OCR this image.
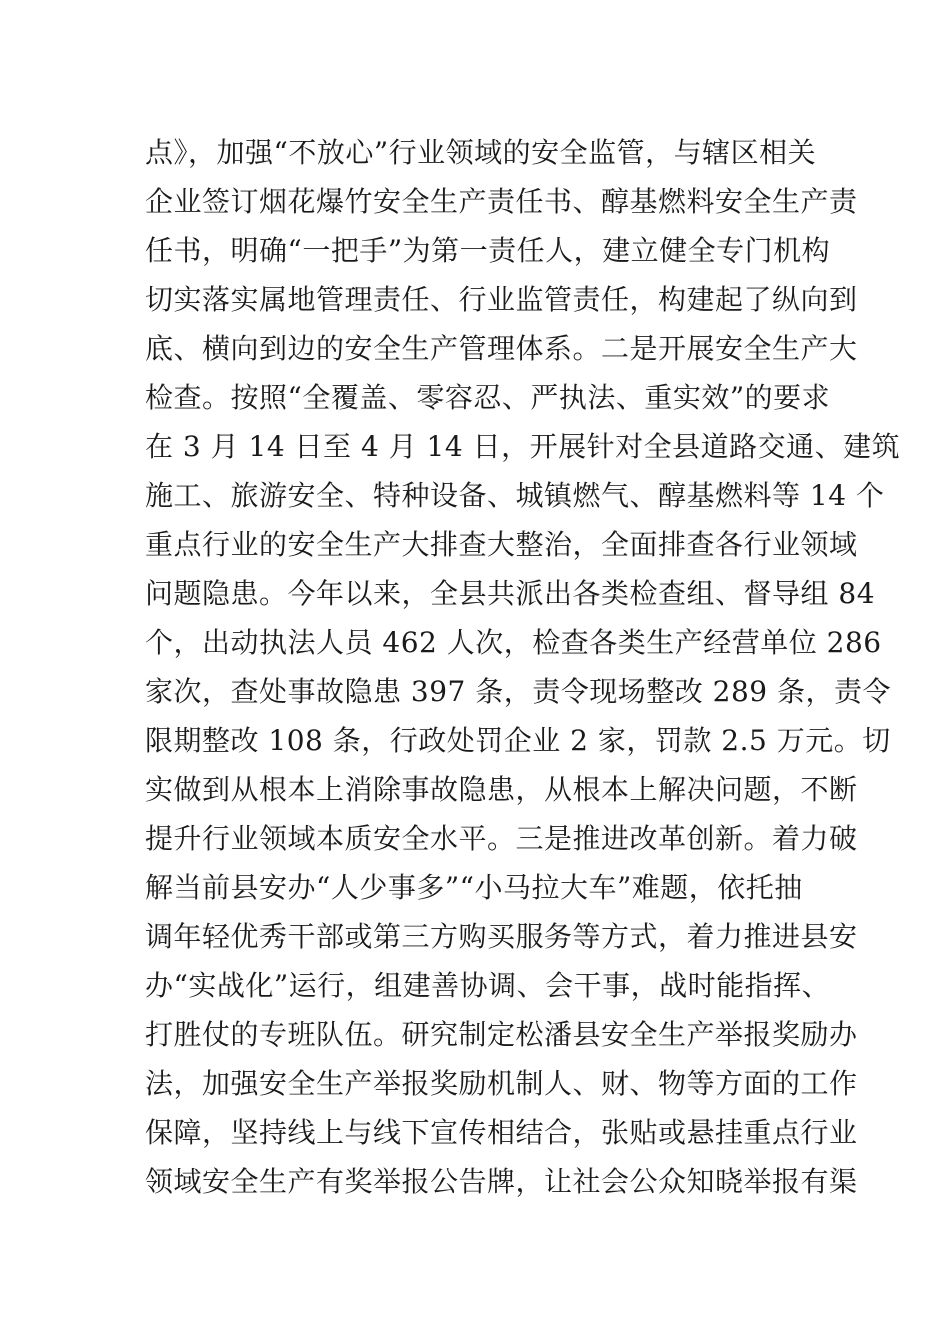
点》，加强“不放心”行业领域的安全监管，与辖区相关
企业签订烟花爆竹安全生产责任书、醇基燃料安全生产责
任书，明确“一把手”为第一责任人，建立健全专门机构
切实落实属地管理责任、行业监管责任，构建起了纵向到
底、横向到边的安全生产管理体系。二是开展安全生产大
检查。按照“全覆盖、零容忍、严执法、重实效”的要求
在 3 月 14 日至 4 月 14 日，开展针对全县道路交通、建筑
施工、旅游安全、特种设备、城镇燃气、醇基燃料等 14 个
重点行业的安全生产大排查大整治，全面排查各行业领域
问题隐患。今年以来，全县共派出各类检查组、督导组 84
个，出动执法人员 462 人次，检查各类生产经营单位 286
家次，查处事故隐患 397 条，责令现场整改 289 条，责令
限期整改 108 条，行政处罚企业 2 家，罚款 2.5 万元。切
实做到从根本上消除事故隐患，从根本上解决问题，不断
提升行业领域本质安全水平。三是推进改革创新。着力破
解当前县安办“人少事多”“小马拉大车”难题，依托抽
调年轻优秀干部或第三方购买服务等方式，着力推进县安
办“实战化”运行，组建善协调、会干事，战时能指挥、
打胜仗的专班队伍。研究制定松潘县安全生产举报奖励办
法，加强安全生产举报奖励机制人、财、物等方面的工作
保障，坚持线上与线下宣传相结合，张贴或悬挂重点行业
领域安全生产有奖举报公告牌，让社会公众知晓举报有渠
